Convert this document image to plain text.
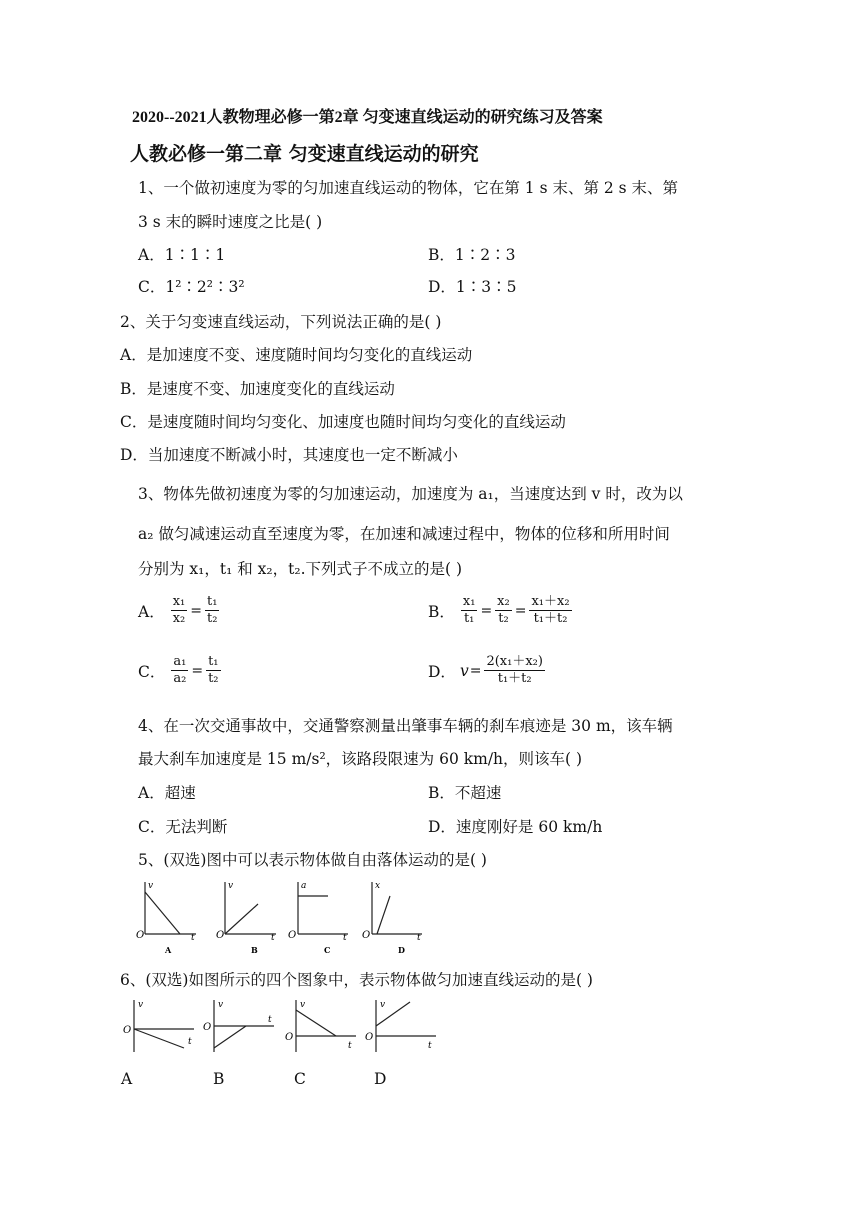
2020--2021人教物理必修一第2章 匀变速直线运动的研究练习及答案
人教必修一第二章 匀变速直线运动的研究
1、一个做初速度为零的匀加速直线运动的物体，它在第 1 s 末、第 2 s 末、第
3 s 末的瞬时速度之比是( )
A．1∶1∶1	B．1∶2∶3
C．1²∶2²∶3²	D．1∶3∶5
2、关于匀变速直线运动，下列说法正确的是( )
A．是加速度不变、速度随时间均匀变化的直线运动
B．是速度不变、加速度变化的直线运动
C．是速度随时间均匀变化、加速度也随时间均匀变化的直线运动
D．当加速度不断减小时，其速度也一定不断减小
3、物体先做初速度为零的匀加速运动，加速度为 a₁，当速度达到 v 时，改为以
a₂ 做匀减速运动直至速度为零，在加速和减速过程中，物体的位移和所用时间
分别为 x₁，t₁ 和 x₂，t₂.下列式子不成立的是( )
A． $\frac{\text{x₁}}{\text{x₂}} = \frac{\text{t₁}}{\text{t₂}}$	B． $\frac{\text{x₁}}{\text{t₁}} = \frac{\text{x₂}}{\text{t₂}} = \frac{\text{x₁＋x₂}}{\text{t₁＋t₂}}$
C． $\frac{\text{a₁}}{\text{a₂}} = \frac{\text{t₁}}{\text{t₂}}$	D． $v = \frac{\text{2(x₁＋x₂)}}{\text{t₁＋t₂}}$
4、在一次交通事故中，交通警察测量出肇事车辆的刹车痕迹是 30 m，该车辆
最大刹车加速度是 15 m/s²，该路段限速为 60 km/h，则该车( )
A．超速	B．不超速
C．无法判断	D．速度刚好是 60 km/h
5、(双选)图中可以表示物体做自由落体运动的是( )
v
O	t
A
v
O	t
B
a
O	t
C
x
O	t
D
6、(双选)如图所示的四个图象中，表示物体做匀加速直线运动的是( )
v
O
t
v
O
t
v
O
t
v
O
t
A	B	C	D
